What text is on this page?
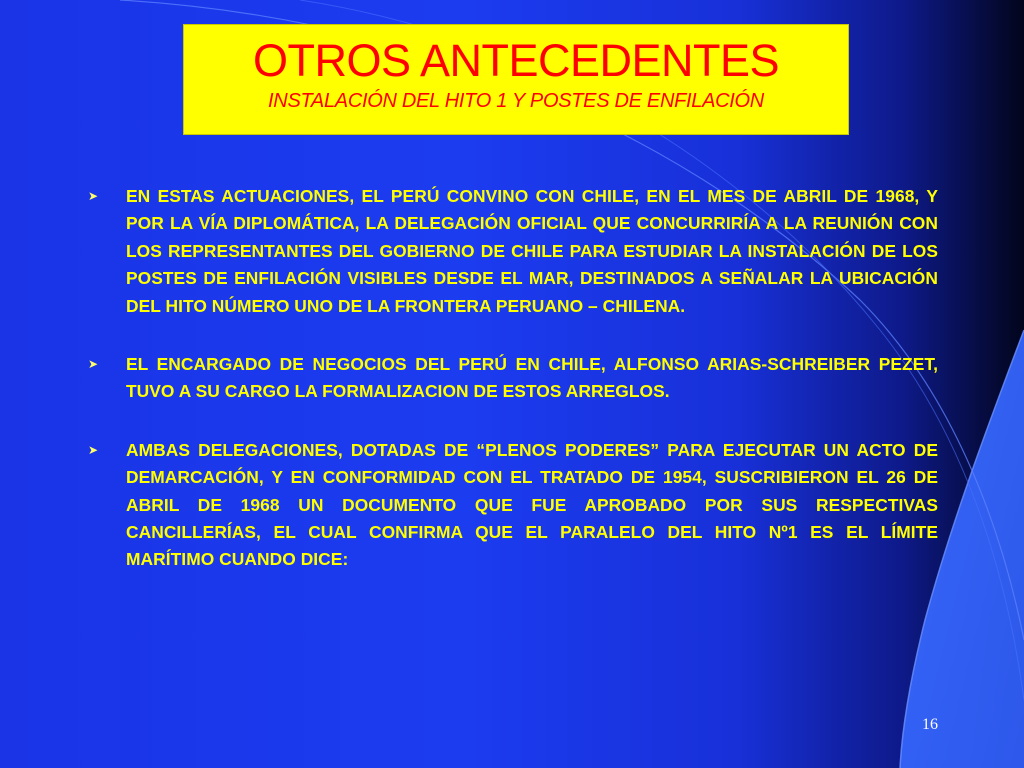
OTROS ANTECEDENTES
INSTALACIÓN DEL HITO 1 Y POSTES DE ENFILACIÓN
➤ EN ESTAS ACTUACIONES, EL PERÚ CONVINO CON CHILE, EN EL MES DE ABRIL DE 1968, Y POR LA VÍA DIPLOMÁTICA, LA DELEGACIÓN OFICIAL QUE CONCURRIRÍA A LA REUNIÓN CON LOS REPRESENTANTES DEL GOBIERNO DE CHILE PARA ESTUDIAR LA INSTALACIÓN DE LOS POSTES DE ENFILACIÓN VISIBLES DESDE EL MAR, DESTINADOS A SEÑALAR LA UBICACIÓN DEL HITO NÚMERO UNO DE LA FRONTERA PERUANO – CHILENA.
➤ EL ENCARGADO DE NEGOCIOS DEL PERÚ EN CHILE, ALFONSO ARIAS-SCHREIBER PEZET, TUVO A SU CARGO LA FORMALIZACION DE ESTOS ARREGLOS.
➤ AMBAS DELEGACIONES, DOTADAS DE “PLENOS PODERES” PARA EJECUTAR UN ACTO DE DEMARCACIÓN, Y EN CONFORMIDAD CON EL TRATADO DE 1954, SUSCRIBIERON EL 26 DE ABRIL DE 1968 UN DOCUMENTO QUE FUE APROBADO POR SUS RESPECTIVAS CANCILLERÍAS, EL CUAL CONFIRMA QUE EL PARALELO DEL HITO Nº1 ES EL LÍMITE MARÍTIMO CUANDO DICE:
16
